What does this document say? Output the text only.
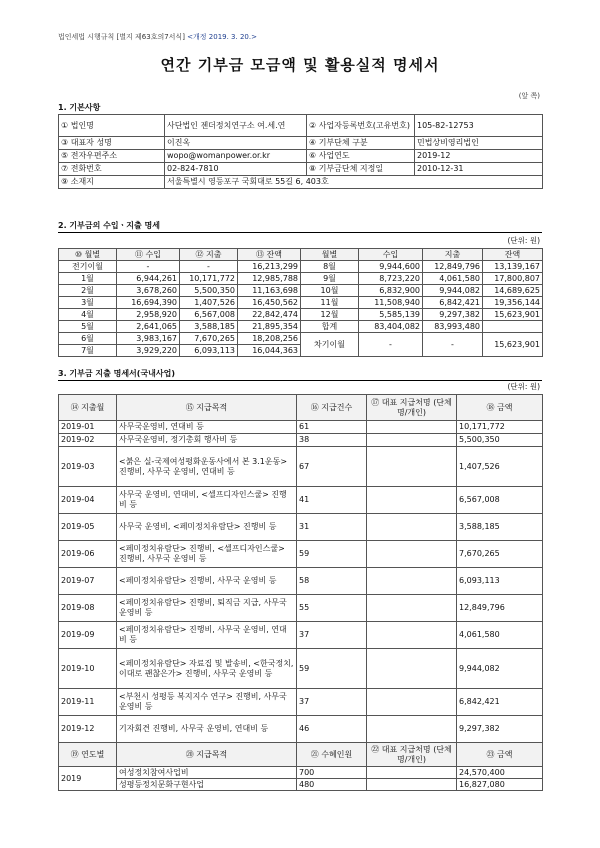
법인세법 시행규칙 [별지 제63호의7서식] <개정 2019. 3. 20.>
연간 기부금 모금액 및 활용실적 명세서
(앞 쪽)
1. 기본사항
① 법인명	사단법인 젠더정치연구소 여.세.연	② 사업자등록번호(고유번호)	105-82-12753
③ 대표자 성명	이진옥	④ 기부단체 구분	민법상비영리법인
⑤ 전자우편주소	wopo@womanpower.or.kr	⑥ 사업연도	2019-12
⑦ 전화번호	02-824-7810	⑧ 기부금단체 지정일	2010-12-31
⑨ 소재지	서울특별시 영등포구 국회대로 55길 6, 403호		
2. 기부금의 수입ㆍ지출 명세
(단위: 원)
⑩ 월별	⑪ 수입	⑫ 지출	⑬ 잔액	월별	수입	지출	잔액
전기이월	-	-	16,213,299	8월	9,944,600	12,849,796	13,139,167
1월	6,944,261	10,171,772	12,985,788	9월	8,723,220	4,061,580	17,800,807
2월	3,678,260	5,500,350	11,163,698	10월	6,832,900	9,944,082	14,689,625
3월	16,694,390	1,407,526	16,450,562	11월	11,508,940	6,842,421	19,356,144
4월	2,958,920	6,567,008	22,842,474	12월	5,585,139	9,297,382	15,623,901
5월	2,641,065	3,588,185	21,895,354	합계	83,404,082	83,993,480	
6월	3,983,167	7,670,265	18,208,256	차기이월	-	-	15,623,901
7월	3,929,220	6,093,113	16,044,363				
3. 기부금 지출 명세서(국내사업)
(단위: 원)
⑭ 지출월	⑮ 지급목적	⑯ 지급건수	⑰ 대표 지급처명 (단체명/개인)	⑱ 금액
2019-01	사무국운영비, 연대비 등	61		10,171,772
2019-02	사무국운영비, 정기총회 행사비 등	38		5,500,350
2019-03	<붉은 실-국제여성평화운동사에서 본 3.1운동> 진행비, 사무국 운영비, 연대비 등	67		1,407,526
2019-04	사무국 운영비, 연대비, <셀프디자인스쿨> 진행비 등	41		6,567,008
2019-05	사무국 운영비, <페미정치유람단> 진행비 등	31		3,588,185
2019-06	<페미정치유람단> 진행비, <셀프디자인스쿨> 진행비, 사무국 운영비 등	59		7,670,265
2019-07	<페미정치유람단> 진행비, 사무국 운영비 등	58		6,093,113
2019-08	<페미정치유람단> 진행비, 퇴직금 지급, 사무국 운영비 등	55		12,849,796
2019-09	<페미정치유람단> 진행비, 사무국 운영비, 연대비 등	37		4,061,580
2019-10	<페미정치유람단> 자료집 및 발송비, <한국정치, 이대로 괜찮은가> 진행비, 사무국 운영비 등	59		9,944,082
2019-11	<부천시 성평등 복지지수 연구> 진행비, 사무국 운영비 등	37		6,842,421
2019-12	기자회견 진행비, 사무국 운영비, 연대비 등	46		9,297,382
⑲ 연도별	⑳ 지급목적	㉑ 수혜인원	㉒ 대표 지급처명 (단체명/개인)	㉓ 금액
2019	여성정치참여사업비	700		24,570,400
	성평등정치문화구현사업	480		16,827,080
